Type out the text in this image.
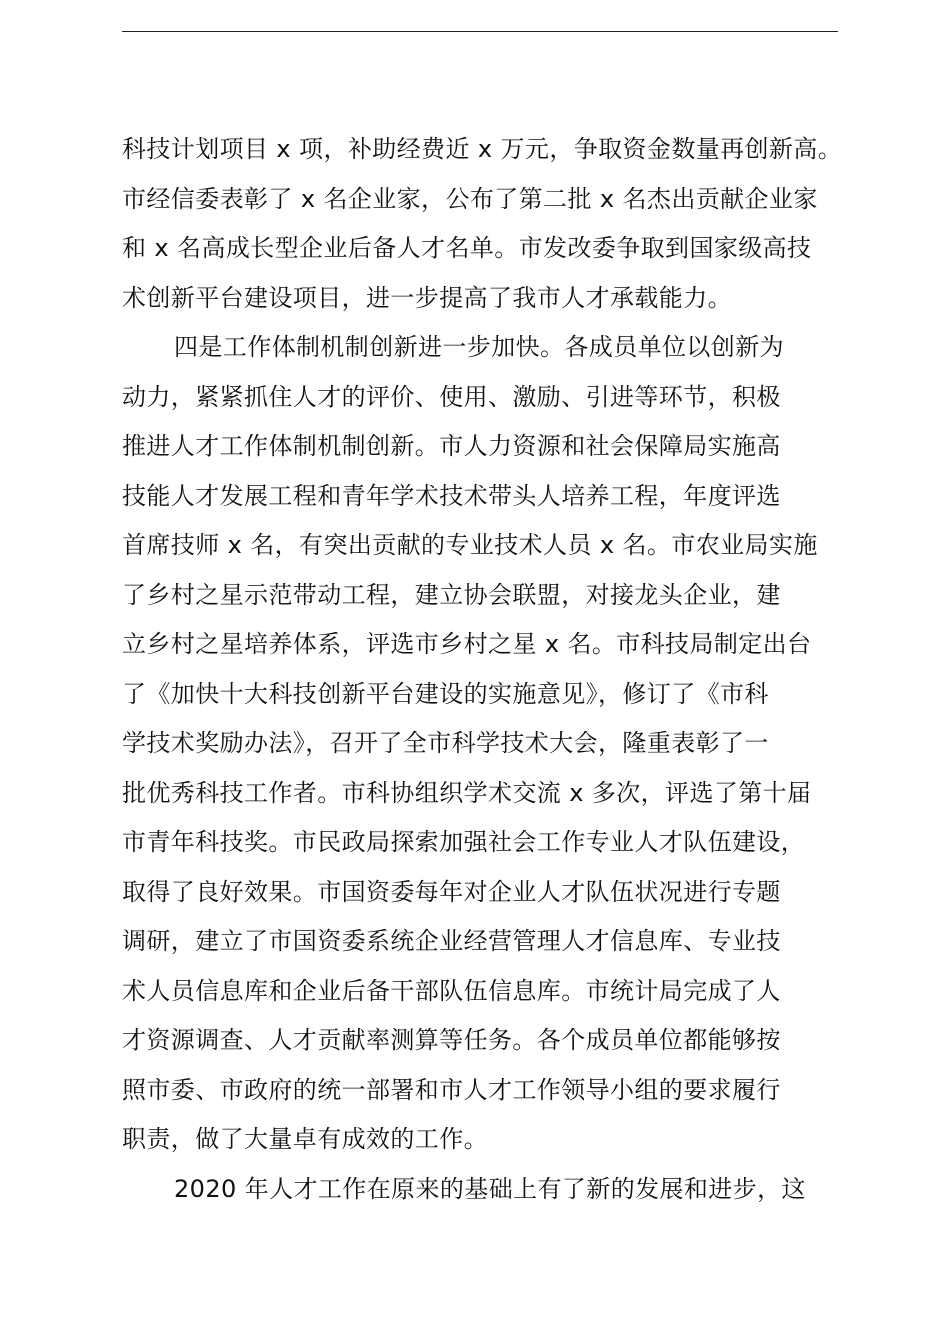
科技计划项目 x 项，补助经费近 x 万元，争取资金数量再创新高。
市经信委表彰了 x 名企业家，公布了第二批 x 名杰出贡献企业家
和 x 名高成长型企业后备人才名单。市发改委争取到国家级高技
术创新平台建设项目，进一步提高了我市人才承载能力。
四是工作体制机制创新进一步加快。各成员单位以创新为
动力，紧紧抓住人才的评价、使用、激励、引进等环节，积极
推进人才工作体制机制创新。市人力资源和社会保障局实施高
技能人才发展工程和青年学术技术带头人培养工程，年度评选
首席技师 x 名，有突出贡献的专业技术人员 x 名。市农业局实施
了乡村之星示范带动工程，建立协会联盟，对接龙头企业，建
立乡村之星培养体系，评选市乡村之星 x 名。市科技局制定出台
了《加快十大科技创新平台建设的实施意见》，修订了《市科
学技术奖励办法》，召开了全市科学技术大会，隆重表彰了一
批优秀科技工作者。市科协组织学术交流 x 多次，评选了第十届
市青年科技奖。市民政局探索加强社会工作专业人才队伍建设，
取得了良好效果。市国资委每年对企业人才队伍状况进行专题
调研，建立了市国资委系统企业经营管理人才信息库、专业技
术人员信息库和企业后备干部队伍信息库。市统计局完成了人
才资源调查、人才贡献率测算等任务。各个成员单位都能够按
照市委、市政府的统一部署和市人才工作领导小组的要求履行
职责，做了大量卓有成效的工作。
2020 年人才工作在原来的基础上有了新的发展和进步，这
